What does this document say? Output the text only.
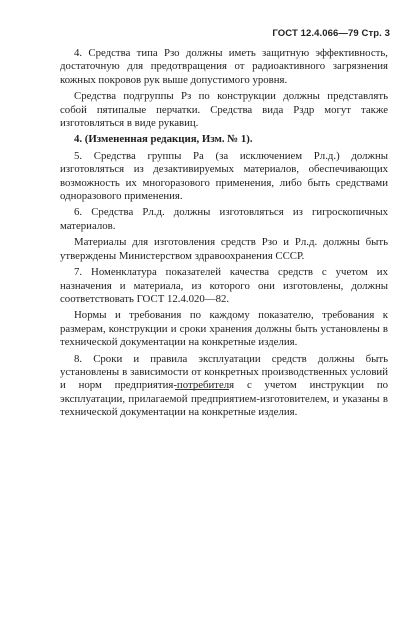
ГОСТ 12.4.066—79 Стр. 3

4. Средства типа Pзо должны иметь защитную эффективность, достаточную для предотвращения от радиоактивного загрязнения кожных покровов рук выше допустимого уровня.

Средства подгруппы Pз по конструкции должны представлять собой пятипалые перчатки. Средства вида Pздр могут также изготовляться в виде рукавиц.

4. (Измененная редакция, Изм. № 1).

5. Средства группы Pа (за исключением Pл.д.) должны изготовляться из дезактивируемых материалов, обеспечивающих возможность их многоразового применения, либо быть средствами одноразового применения.

6. Средства Pл.д. должны изготовляться из гигроскопичных материалов.

Материалы для изготовления средств Pзо и Pл.д. должны быть утверждены Министерством здравоохранения СССР.

7. Номенклатура показателей качества средств с учетом их назначения и материала, из которого они изготовлены, должны соответствовать ГОСТ 12.4.020—82.

Нормы и требования по каждому показателю, требования к размерам, конструкции и сроки хранения должны быть установлены в технической документации на конкретные изделия.

8. Сроки и правила эксплуатации средств должны быть установлены в зависимости от конкретных производственных условий и норм предприятия-потребителя с учетом инструкции по эксплуатации, прилагаемой предприятием-изготовителем, и указаны в технической документации на конкретные изделия.
